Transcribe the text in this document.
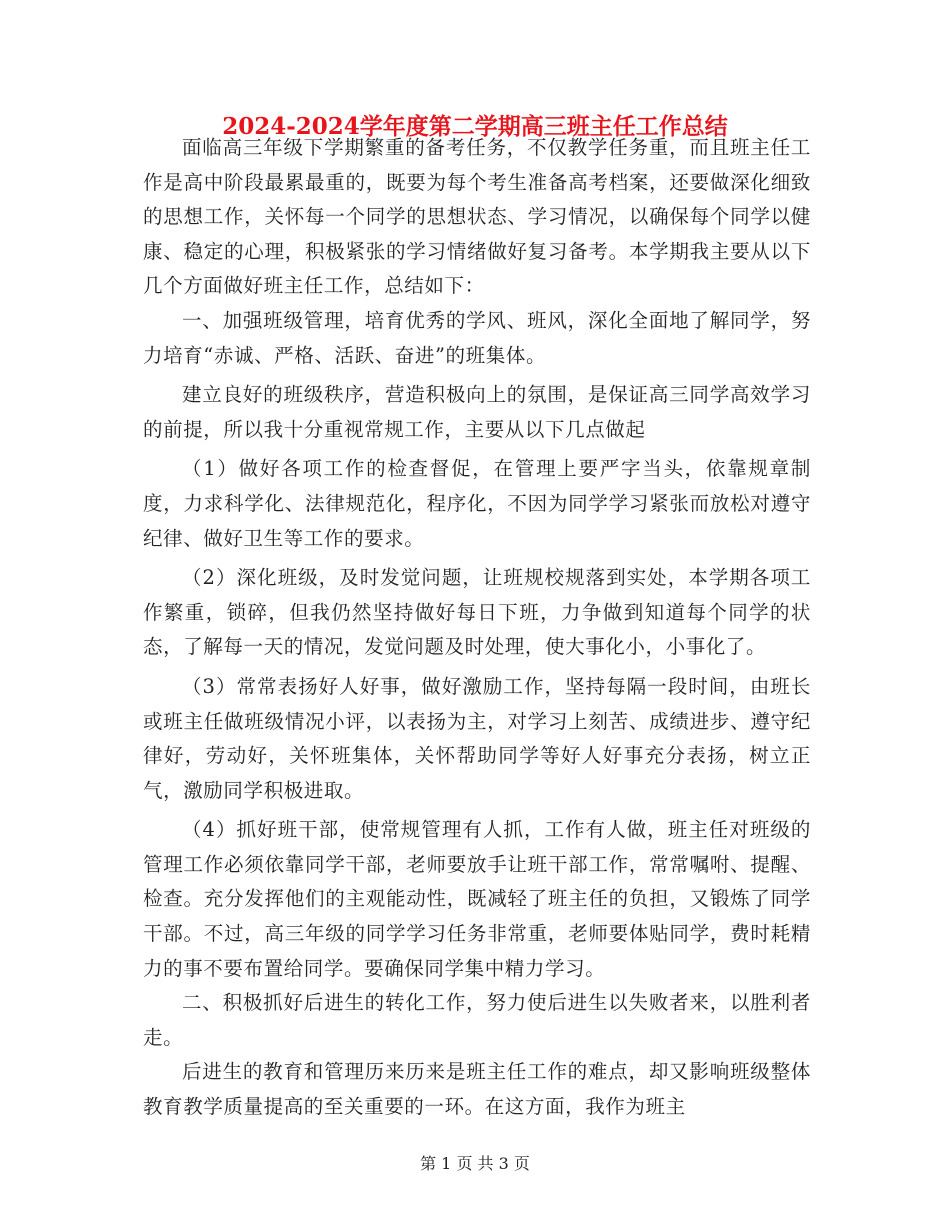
2024-2024学年度第二学期高三班主任工作总结

面临高三年级下学期繁重的备考任务，不仅教学任务重，而且班主任工作是高中阶段最累最重的，既要为每个考生准备高考档案，还要做深化细致的思想工作，关怀每一个同学的思想状态、学习情况，以确保每个同学以健康、稳定的心理，积极紧张的学习情绪做好复习备考。本学期我主要从以下几个方面做好班主任工作，总结如下：

一、加强班级管理，培育优秀的学风、班风，深化全面地了解同学，努力培育“赤诚、严格、活跃、奋进”的班集体。

建立良好的班级秩序，营造积极向上的氛围，是保证高三同学高效学习的前提，所以我十分重视常规工作，主要从以下几点做起

（1）做好各项工作的检查督促，在管理上要严字当头，依靠规章制度，力求科学化、法律规范化，程序化，不因为同学学习紧张而放松对遵守纪律、做好卫生等工作的要求。

（2）深化班级，及时发觉问题，让班规校规落到实处，本学期各项工作繁重，锁碎，但我仍然坚持做好每日下班，力争做到知道每个同学的状态，了解每一天的情况，发觉问题及时处理，使大事化小，小事化了。

（3）常常表扬好人好事，做好激励工作，坚持每隔一段时间，由班长或班主任做班级情况小评，以表扬为主，对学习上刻苦、成绩进步、遵守纪律好，劳动好，关怀班集体，关怀帮助同学等好人好事充分表扬，树立正气，激励同学积极进取。

（4）抓好班干部，使常规管理有人抓，工作有人做，班主任对班级的管理工作必须依靠同学干部，老师要放手让班干部工作，常常嘱咐、提醒、检查。充分发挥他们的主观能动性，既减轻了班主任的负担，又锻炼了同学干部。不过，高三年级的同学学习任务非常重，老师要体贴同学，费时耗精力的事不要布置给同学。要确保同学集中精力学习。

二、积极抓好后进生的转化工作，努力使后进生以失败者来，以胜利者走。

后进生的教育和管理历来历来是班主任工作的难点，却又影响班级整体教育教学质量提高的至关重要的一环。在这方面，我作为班主

第 1 页 共 3 页
